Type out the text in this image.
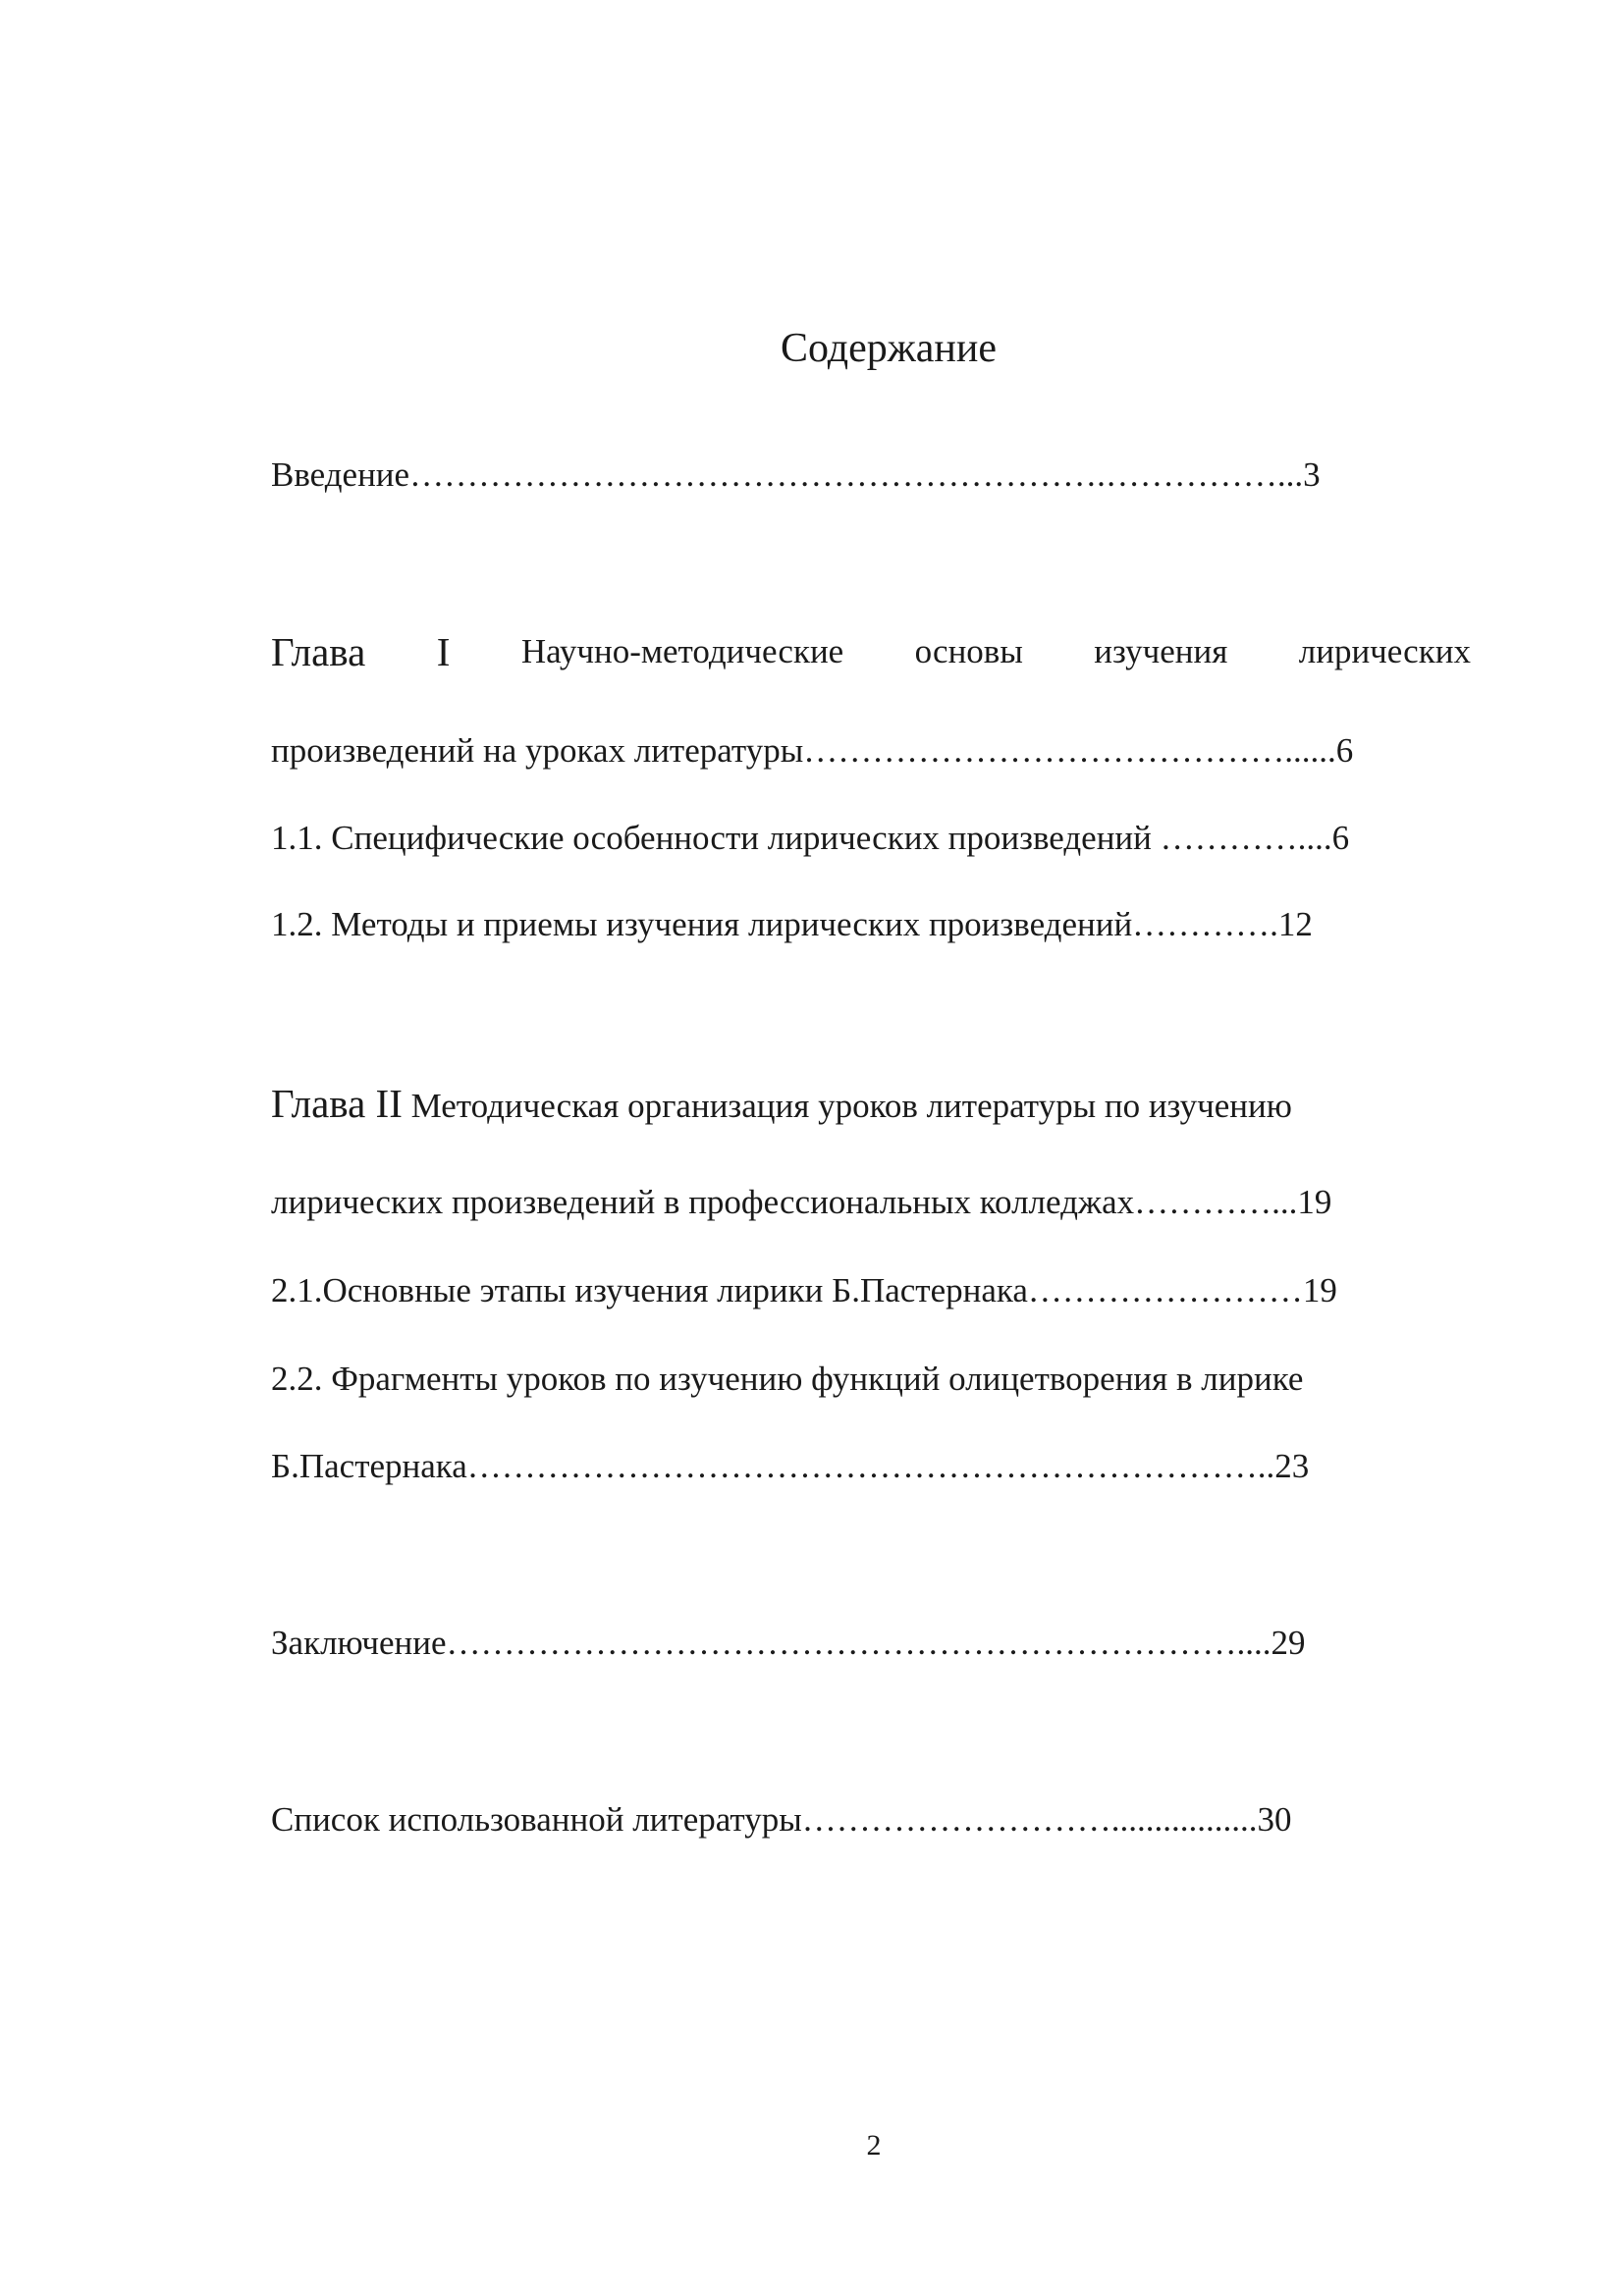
Содержание
Введение…………………………………………………….……………...3
Глава I Научно-методические основы изучения лирических
произведений на уроках литературы……………………………………......6
1.1. Специфические особенности лирических произведений …………....6
1.2. Методы и приемы изучения лирических произведений………….12
Глава II Методическая организация уроков литературы по изучению
лирических произведений в профессиональных колледжах…………...19
2.1.Основные этапы изучения лирики Б.Пастернака……………………19
2.2. Фрагменты уроков по изучению функций олицетворения в лирике
Б.Пастернака……………………………………………………………..23
Заключение……………………………………………………………....29
Список использованной литературы……………………….................30
2
